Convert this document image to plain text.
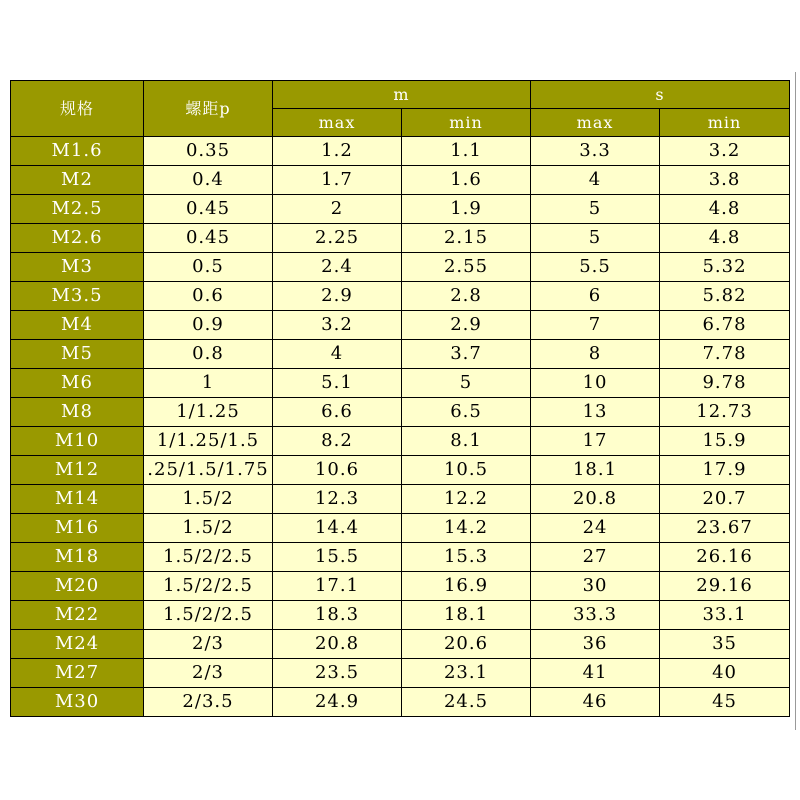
规格	螺距p	m		s	
		max	min	max	min
M1.6	0.35	1.2	1.1	3.3	3.2
M2	0.4	1.7	1.6	4	3.8
M2.5	0.45	2	1.9	5	4.8
M2.6	0.45	2.25	2.15	5	4.8
M3	0.5	2.4	2.55	5.5	5.32
M3.5	0.6	2.9	2.8	6	5.82
M4	0.9	3.2	2.9	7	6.78
M5	0.8	4	3.7	8	7.78
M6	1	5.1	5	10	9.78
M8	1/1.25	6.6	6.5	13	12.73
M10	1/1.25/1.5	8.2	8.1	17	15.9
M12	.25/1.5/1.75	10.6	10.5	18.1	17.9
M14	1.5/2	12.3	12.2	20.8	20.7
M16	1.5/2	14.4	14.2	24	23.67
M18	1.5/2/2.5	15.5	15.3	27	26.16
M20	1.5/2/2.5	17.1	16.9	30	29.16
M22	1.5/2/2.5	18.3	18.1	33.3	33.1
M24	2/3	20.8	20.6	36	35
M27	2/3	23.5	23.1	41	40
M30	2/3.5	24.9	24.5	46	45
